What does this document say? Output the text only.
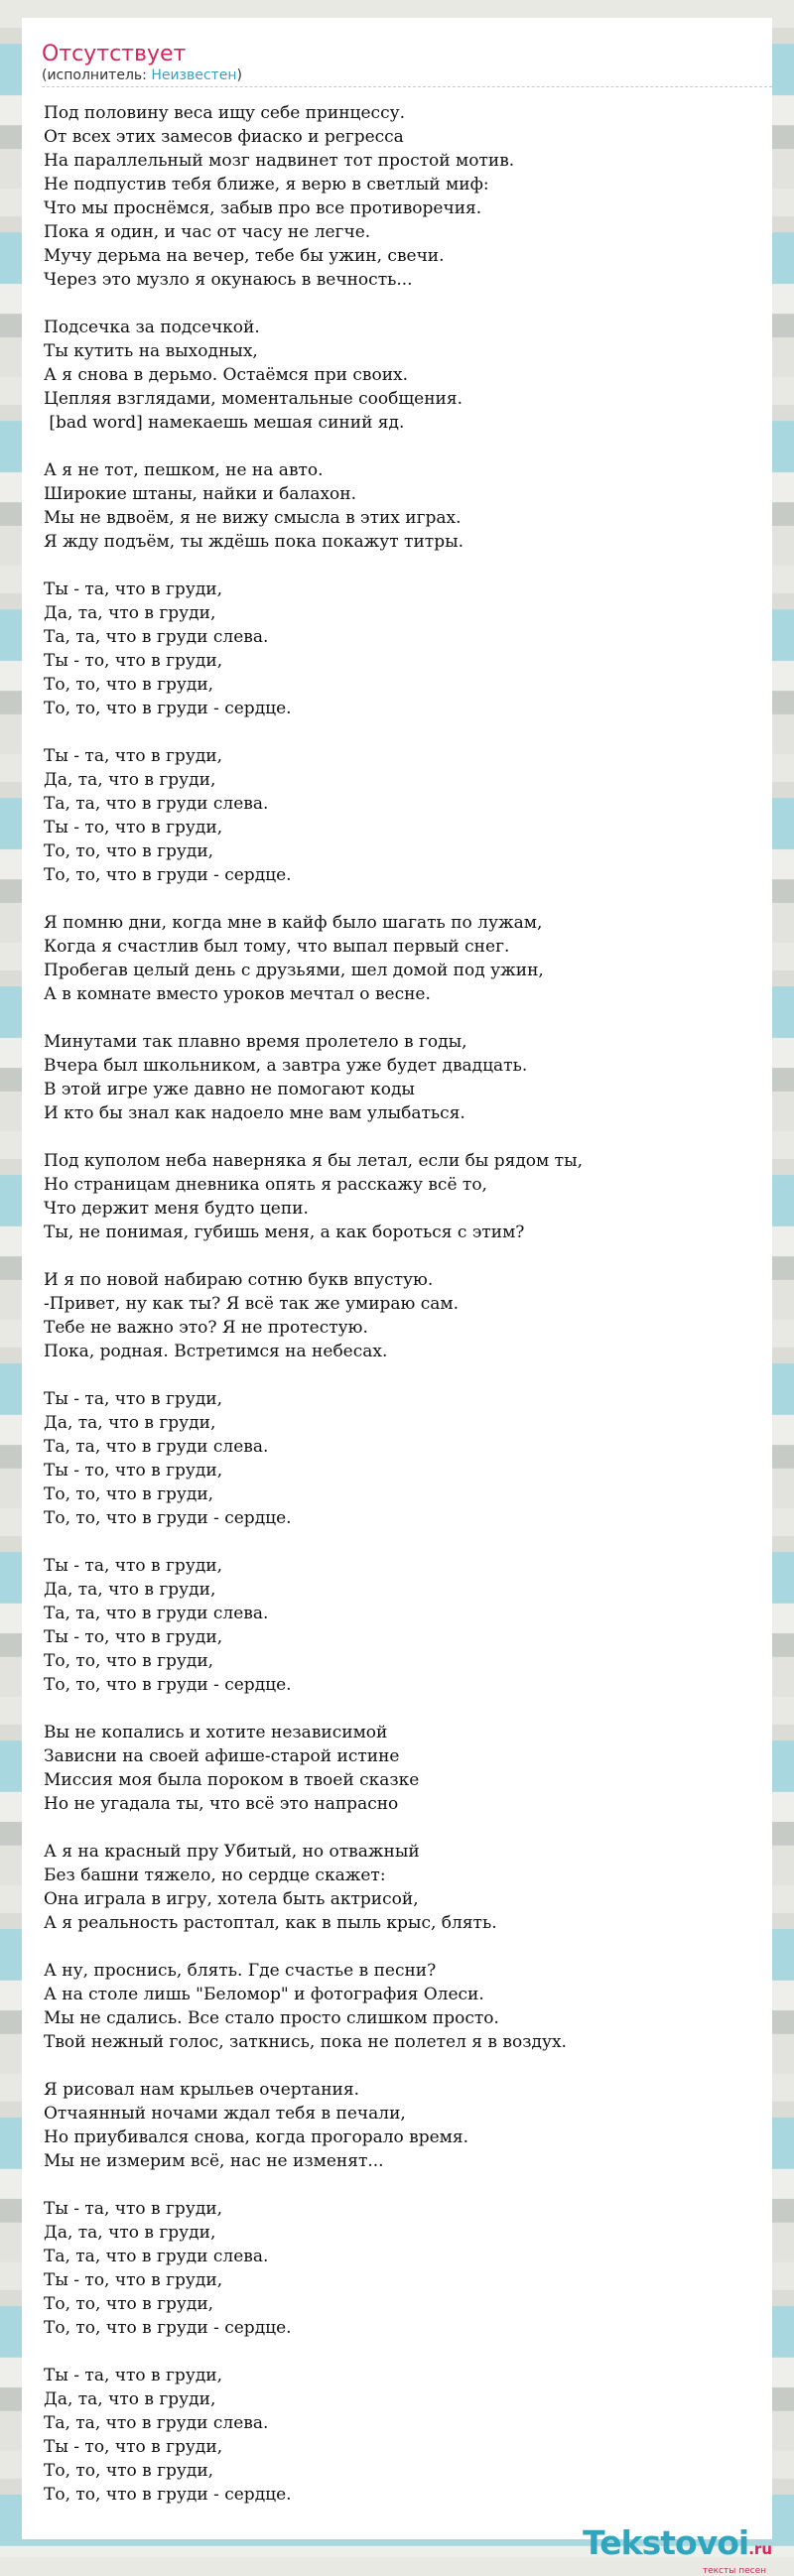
Отсутствует
(исполнитель: Неизвестен)
Под половину веса ищу себе принцессу.
От всех этих замесов фиаско и регресса
На параллельный мозг надвинет тот простой мотив.
Не подпустив тебя ближе, я верю в светлый миф:
Что мы проснёмся, забыв про все противоречия.
Пока я один, и час от часу не легче.
Мучу дерьма на вечер, тебе бы ужин, свечи.
Через это музло я окунаюсь в вечность...

Подсечка за подсечкой.
Ты кутить на выходных,
А я снова в дерьмо. Остаёмся при своих.
Цепляя взглядами, моментальные сообщения.
[bad word] намекаешь мешая синий яд.

А я не тот, пешком, не на авто.
Широкие штаны, найки и балахон.
Мы не вдвоём, я не вижу смысла в этих играх.
Я жду подъём, ты ждёшь пока покажут титры.

Ты - та, что в груди,
Да, та, что в груди,
Та, та, что в груди слева.
Ты - то, что в груди,
То, то, что в груди,
То, то, что в груди - сердце.

Ты - та, что в груди,
Да, та, что в груди,
Та, та, что в груди слева.
Ты - то, что в груди,
То, то, что в груди,
То, то, что в груди - сердце.

Я помню дни, когда мне в кайф было шагать по лужам,
Когда я счастлив был тому, что выпал первый снег.
Пробегав целый день с друзьями, шел домой под ужин,
А в комнате вместо уроков мечтал о весне.

Минутами так плавно время пролетело в годы,
Вчера был школьником, а завтра уже будет двадцать.
В этой игре уже давно не помогают коды
И кто бы знал как надоело мне вам улыбаться.

Под куполом неба наверняка я бы летал, если бы рядом ты,
Но страницам дневника опять я расскажу всё то,
Что держит меня будто цепи.
Ты, не понимая, губишь меня, а как бороться с этим?

И я по новой набираю сотню букв впустую.
-Привет, ну как ты? Я всё так же умираю сам.
Тебе не важно это? Я не протестую.
Пока, родная. Встретимся на небесах.

Ты - та, что в груди,
Да, та, что в груди,
Та, та, что в груди слева.
Ты - то, что в груди,
То, то, что в груди,
То, то, что в груди - сердце.

Ты - та, что в груди,
Да, та, что в груди,
Та, та, что в груди слева.
Ты - то, что в груди,
То, то, что в груди,
То, то, что в груди - сердце.

Вы не копались и хотите независимой
Зависни на своей афише-старой истине
Миссия моя была пороком в твоей сказке
Но не угадала ты, что всё это напрасно

А я на красный пру Убитый, но отважный
Без башни тяжело, но сердце скажет:
Она играла в игру, хотела быть актрисой,
А я реальность растоптал, как в пыль крыс, блять.

А ну, проснись, блять. Где счастье в песни?
А на столе лишь "Беломор" и фотография Олеси.
Мы не сдались. Все стало просто слишком просто.
Твой нежный голос, заткнись, пока не полетел я в воздух.

Я рисовал нам крыльев очертания.
Отчаянный ночами ждал тебя в печали,
Но приубивался снова, когда прогорало время.
Мы не измерим всё, нас не изменят...

Ты - та, что в груди,
Да, та, что в груди,
Та, та, что в груди слева.
Ты - то, что в груди,
То, то, что в груди,
То, то, что в груди - сердце.

Ты - та, что в груди,
Да, та, что в груди,
Та, та, что в груди слева.
Ты - то, что в груди,
То, то, что в груди,
То, то, что в груди - сердце.
Tekstovoi.ru
тексты песен
